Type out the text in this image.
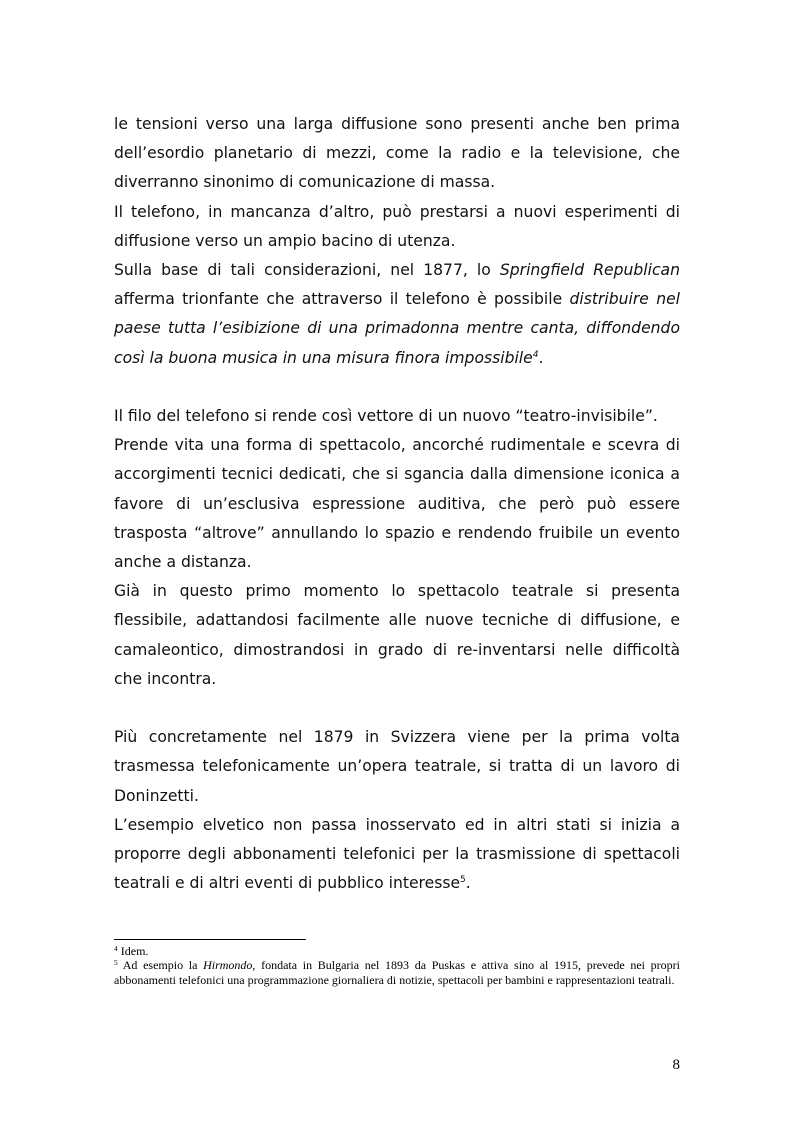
le tensioni verso una larga diffusione sono presenti anche ben prima dell’esordio planetario di mezzi, come la radio e la televisione, che diverranno sinonimo di comunicazione di massa.

Il telefono, in mancanza d’altro, può prestarsi a nuovi esperimenti di diffusione verso un ampio bacino di utenza.

Sulla base di tali considerazioni, nel 1877, lo Springfield Republican afferma trionfante che attraverso il telefono è possibile distribuire nel paese tutta l’esibizione di una primadonna mentre canta, diffondendo così la buona musica in una misura finora impossibile$^4$.

Il filo del telefono si rende così vettore di un nuovo “teatro-invisibile”.

Prende vita una forma di spettacolo, ancorché rudimentale e scevra di accorgimenti tecnici dedicati, che si sgancia dalla dimensione iconica a favore di un’esclusiva espressione auditiva, che però può essere trasposta “altrove” annullando lo spazio e rendendo fruibile un evento anche a distanza.

Già in questo primo momento lo spettacolo teatrale si presenta flessibile, adattandosi facilmente alle nuove tecniche di diffusione, e camaleontico, dimostrandosi in grado di re-inventarsi nelle difficoltà che incontra.

Più concretamente nel 1879 in Svizzera viene per la prima volta trasmessa telefonicamente un’opera teatrale, si tratta di un lavoro di Doninzetti.

L’esempio elvetico non passa inosservato ed in altri stati si inizia a proporre degli abbonamenti telefonici per la trasmissione di spettacoli teatrali e di altri eventi di pubblico interesse$^5$.

$^4$ Idem.

$^5$ Ad esempio la Hirmondo, fondata in Bulgaria nel 1893 da Puskas e attiva sino al 1915, prevede nei propri abbonamenti telefonici una programmazione giornaliera di notizie, spettacoli per bambini e rappresentazioni teatrali.

8
